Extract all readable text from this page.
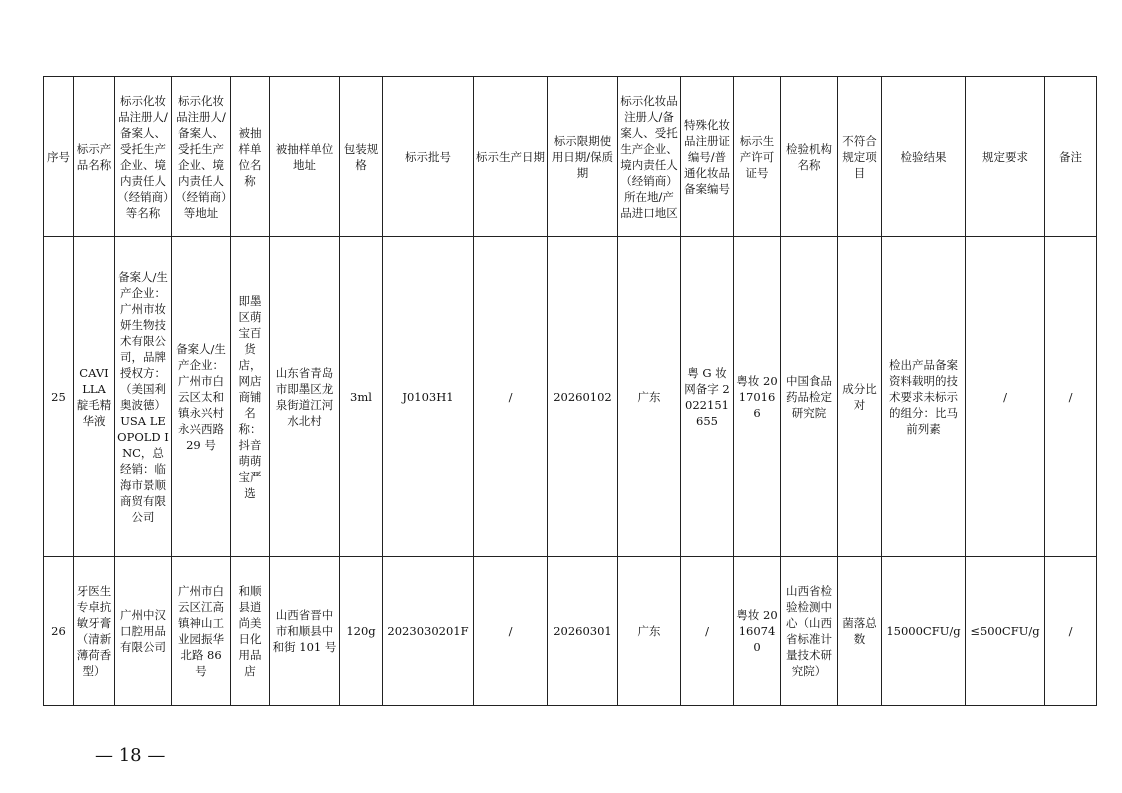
序号	标示产品名称	标示化妆品注册人/备案人、受托生产企业、境内责任人（经销商）等名称	标示化妆品注册人/备案人、受托生产企业、境内责任人（经销商）等地址	被抽样单位名称	被抽样单位地址	包装规格	标示批号	标示生产日期	标示限期使用日期/保质期	标示化妆品注册人/备案人、受托生产企业、境内责任人（经销商）所在地/产品进口地区	特殊化妆品注册证编号/普通化妆品备案编号	标示生产许可证号	检验机构名称	不符合规定项目	检验结果	规定要求	备注
25	CAVILLA 靛毛精华液	备案人/生产企业：广州市妆妍生物技术有限公司，品牌授权方：（美国利奥波德）USA LEOPOLD INC，总经销：临海市景顺商贸有限公司	备案人/生产企业：广州市白云区太和镇永兴村永兴西路 29 号	即墨区萌宝百货店，网店商铺名称：抖音萌萌宝严选	山东省青岛市即墨区龙泉街道江河水北村	3ml	J0103H1	/	20260102	广东	粤 G 妆网备字 2022151655	粤妆 20170166	中国食品药品检定研究院	成分比对	检出产品备案资料载明的技术要求未标示的组分：比马前列素	/	/
26	牙医生专卓抗敏牙膏（清新薄荷香型）	广州中汉口腔用品有限公司	广州市白云区江高镇神山工业园振华北路 86 号	和顺县逍尚美日化用品店	山西省晋中市和顺县中和街 101 号	120g	2023030201F	/	20260301	广东	/	粤妆 20160740	山西省检验检测中心（山西省标准计量技术研究院）	菌落总数	15000CFU/g	≤500CFU/g	/
— 18 —
